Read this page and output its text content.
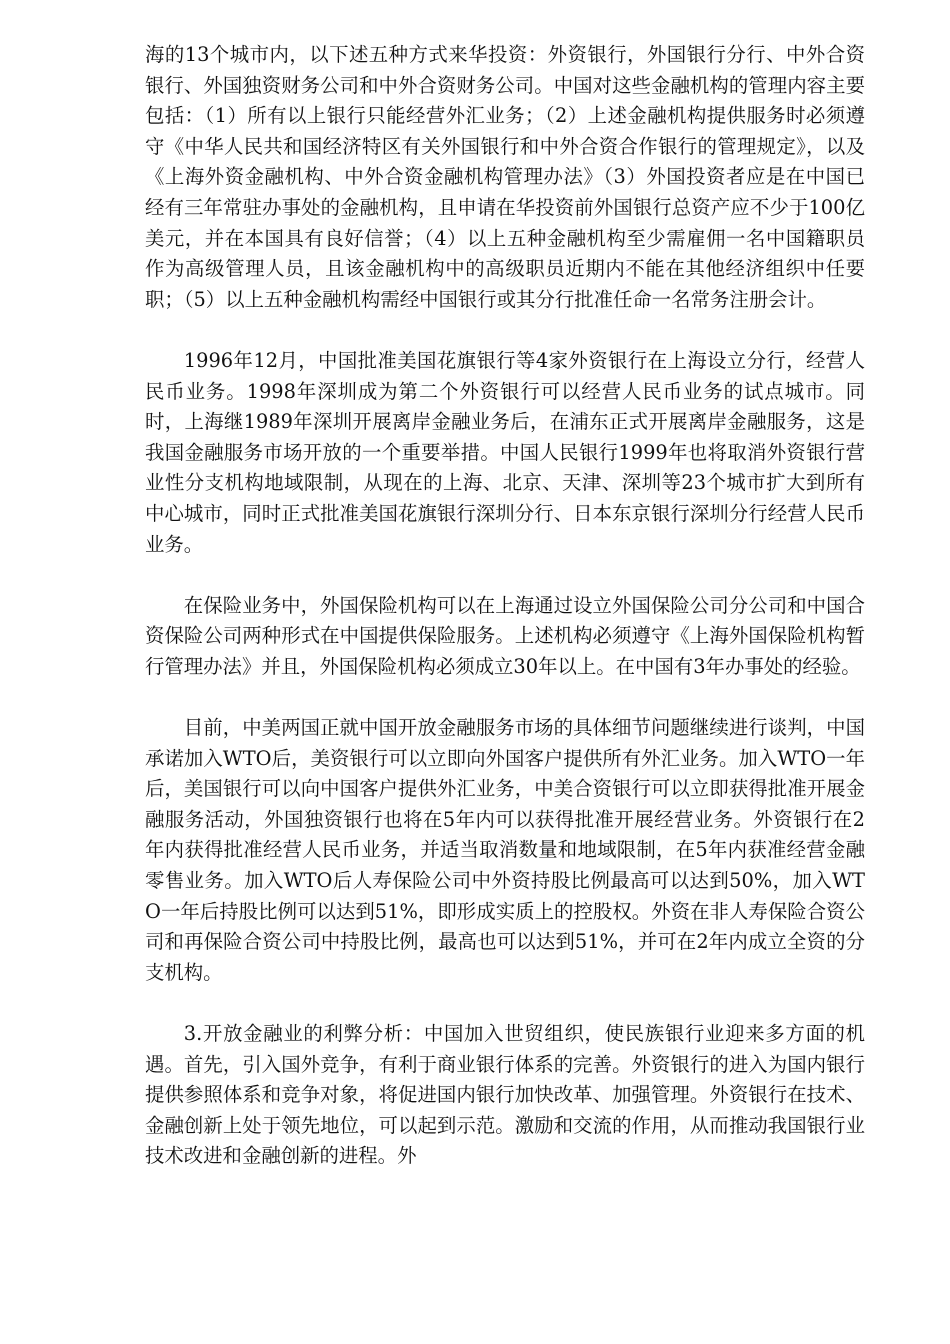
海的13个城市内，以下述五种方式来华投资：外资银行，外国银行分行、中外合资银行、外国独资财务公司和中外合资财务公司。中国对这些金融机构的管理内容主要包括：（1）所有以上银行只能经营外汇业务；（2）上述金融机构提供服务时必须遵守《中华人民共和国经济特区有关外国银行和中外合资合作银行的管理规定》，以及《上海外资金融机构、中外合资金融机构管理办法》（3）外国投资者应是在中国已经有三年常驻办事处的金融机构，且申请在华投资前外国银行总资产应不少于100亿美元，并在本国具有良好信誉；（4）以上五种金融机构至少需雇佣一名中国籍职员作为高级管理人员，且该金融机构中的高级职员近期内不能在其他经济组织中任要职；（5）以上五种金融机构需经中国银行或其分行批准任命一名常务注册会计。

1996年12月，中国批准美国花旗银行等4家外资银行在上海设立分行，经营人民币业务。1998年深圳成为第二个外资银行可以经营人民币业务的试点城市。同时，上海继1989年深圳开展离岸金融业务后，在浦东正式开展离岸金融服务，这是我国金融服务市场开放的一个重要举措。中国人民银行1999年也将取消外资银行营业性分支机构地域限制，从现在的上海、北京、天津、深圳等23个城市扩大到所有中心城市，同时正式批准美国花旗银行深圳分行、日本东京银行深圳分行经营人民币业务。

在保险业务中，外国保险机构可以在上海通过设立外国保险公司分公司和中国合资保险公司两种形式在中国提供保险服务。上述机构必须遵守《上海外国保险机构暂行管理办法》并且，外国保险机构必须成立30年以上。在中国有3年办事处的经验。

目前，中美两国正就中国开放金融服务市场的具体细节问题继续进行谈判，中国承诺加入WTO后，美资银行可以立即向外国客户提供所有外汇业务。加入WTO一年后，美国银行可以向中国客户提供外汇业务，中美合资银行可以立即获得批准开展金融服务活动，外国独资银行也将在5年内可以获得批准开展经营业务。外资银行在2年内获得批准经营人民币业务，并适当取消数量和地域限制，在5年内获准经营金融零售业务。加入WTO后人寿保险公司中外资持股比例最高可以达到50%，加入WTO一年后持股比例可以达到51%，即形成实质上的控股权。外资在非人寿保险合资公司和再保险合资公司中持股比例，最高也可以达到51%，并可在2年内成立全资的分支机构。

3.开放金融业的利弊分析：中国加入世贸组织，使民族银行业迎来多方面的机遇。首先，引入国外竞争，有利于商业银行体系的完善。外资银行的进入为国内银行提供参照体系和竞争对象，将促进国内银行加快改革、加强管理。外资银行在技术、金融创新上处于领先地位，可以起到示范。激励和交流的作用，从而推动我国银行业技术改进和金融创新的进程。外
